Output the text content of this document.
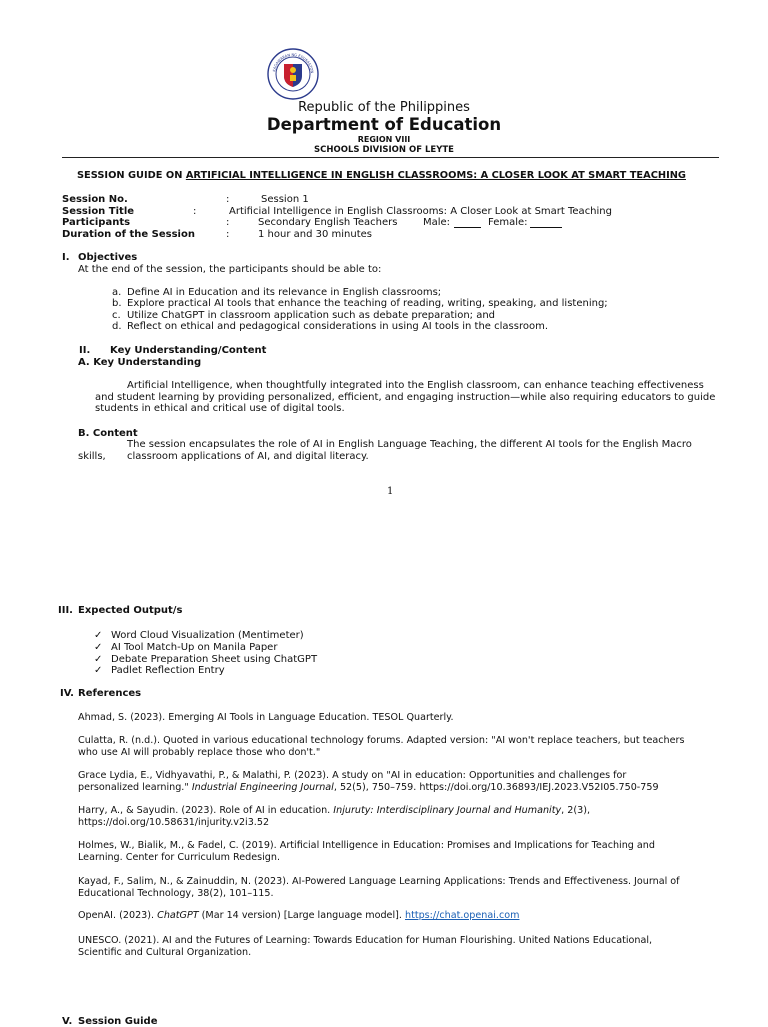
KAGAWARAN NG EDUKASYON
Republic of the Philippines
Department of Education
REGION VIII
SCHOOLS DIVISION OF LEYTE
SESSION GUIDE ON ARTIFICIAL INTELLIGENCE IN ENGLISH CLASSROOMS: A CLOSER LOOK AT SMART TEACHING
Session No.	:	Session 1
Session Title	:	Artificial Intelligence in English Classrooms: A Closer Look at Smart Teaching
Participants	:	Secondary English Teachers	Male:	Female:
Duration of the Session	:	1 hour and 30 minutes
I. Objectives
At the end of the session, the participants should be able to:
a. Define AI in Education and its relevance in English classrooms;
b. Explore practical AI tools that enhance the teaching of reading, writing, speaking, and listening;
c. Utilize ChatGPT in classroom application such as debate preparation; and
d. Reflect on ethical and pedagogical considerations in using AI tools in the classroom.
II. Key Understanding/Content
A. Key Understanding
Artificial Intelligence, when thoughtfully integrated into the English classroom, can enhance teaching effectiveness
and student learning by providing personalized, efficient, and engaging instruction—while also requiring educators to guide
students in ethical and critical use of digital tools.
B. Content
The session encapsulates the role of AI in English Language Teaching, the different AI tools for the English Macro
skills, classroom applications of AI, and digital literacy.
1
III. Expected Output/s
✓ Word Cloud Visualization (Mentimeter)
✓ AI Tool Match-Up on Manila Paper
✓ Debate Preparation Sheet using ChatGPT
✓ Padlet Reflection Entry
IV. References
Ahmad, S. (2023). Emerging AI Tools in Language Education. TESOL Quarterly.
Culatta, R. (n.d.). Quoted in various educational technology forums. Adapted version: "AI won't replace teachers, but teachers
who use AI will probably replace those who don't."
Grace Lydia, E., Vidhyavathi, P., & Malathi, P. (2023). A study on "AI in education: Opportunities and challenges for
personalized learning." Industrial Engineering Journal, 52(5), 750–759. https://doi.org/10.36893/IEJ.2023.V52I05.750-759
Harry, A., & Sayudin. (2023). Role of AI in education. Injuruty: Interdisciplinary Journal and Humanity, 2(3),
https://doi.org/10.58631/injurity.v2i3.52
Holmes, W., Bialik, M., & Fadel, C. (2019). Artificial Intelligence in Education: Promises and Implications for Teaching and
Learning. Center for Curriculum Redesign.
Kayad, F., Salim, N., & Zainuddin, N. (2023). AI-Powered Language Learning Applications: Trends and Effectiveness. Journal of
Educational Technology, 38(2), 101–115.
OpenAI. (2023). ChatGPT (Mar 14 version) [Large language model]. https://chat.openai.com
UNESCO. (2021). AI and the Futures of Learning: Towards Education for Human Flourishing. United Nations Educational,
Scientific and Cultural Organization.
V. Session Guide
